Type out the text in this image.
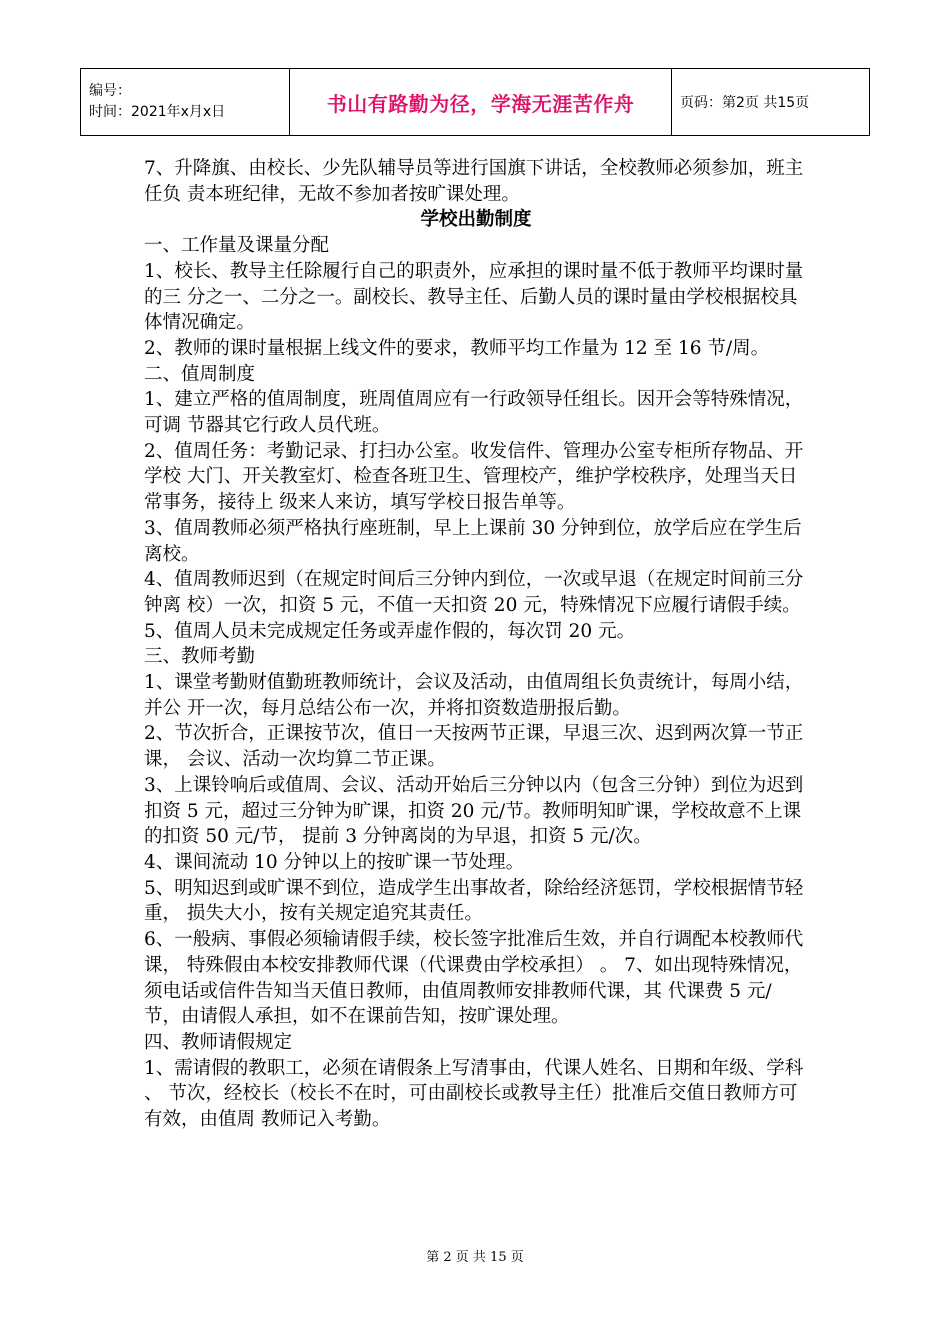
编号：
时间：2021年x月x日	书山有路勤为径，学海无涯苦作舟	页码：第2页 共15页

7、升降旗、由校长、少先队辅导员等进行国旗下讲话，全校教师必须参加，班主任负 责本班纪律，无故不参加者按旷课处理。

学校出勤制度

一、工作量及课量分配

1、校长、教导主任除履行自己的职责外，应承担的课时量不低于教师平均课时量的三 分之一、二分之一。副校长、教导主任、后勤人员的课时量由学校根据校具体情况确定。

2、教师的课时量根据上线文件的要求，教师平均工作量为 12 至 16 节/周。

二、值周制度

1、建立严格的值周制度，班周值周应有一行政领导任组长。因开会等特殊情况，可调 节器其它行政人员代班。

2、值周任务：考勤记录、打扫办公室。收发信件、管理办公室专柜所存物品、开学校 大门、开关教室灯、检查各班卫生、管理校产，维护学校秩序，处理当天日常事务，接待上 级来人来访，填写学校日报告单等。

3、值周教师必须严格执行座班制，早上上课前 30 分钟到位，放学后应在学生后离校。

4、值周教师迟到（在规定时间后三分钟内到位，一次或早退（在规定时间前三分钟离 校）一次，扣资 5 元，不值一天扣资 20 元，特殊情况下应履行请假手续。

5、值周人员未完成规定任务或弄虚作假的，每次罚 20 元。

三、教师考勤

1、课堂考勤财值勤班教师统计，会议及活动，由值周组长负责统计，每周小结，并公 开一次，每月总结公布一次，并将扣资数造册报后勤。

2、节次折合，正课按节次，值日一天按两节正课，早退三次、迟到两次算一节正课， 会议、活动一次均算二节正课。

3、上课铃响后或值周、会议、活动开始后三分钟以内（包含三分钟）到位为迟到扣资 5 元，超过三分钟为旷课，扣资 20 元/节。教师明知旷课，学校故意不上课的扣资 50 元/节， 提前 3 分钟离岗的为早退，扣资 5 元/次。

4、课间流动 10 分钟以上的按旷课一节处理。

5、明知迟到或旷课不到位，造成学生出事故者，除给经济惩罚，学校根据情节轻重， 损失大小，按有关规定追究其责任。

6、一般病、事假必须输请假手续，校长签字批准后生效，并自行调配本校教师代课， 特殊假由本校安排教师代课（代课费由学校承担） 。 7、如出现特殊情况，须电话或信件告知当天值日教师，由值周教师安排教师代课，其 代课费 5 元/节，由请假人承担，如不在课前告知，按旷课处理。

四、教师请假规定

1、需请假的教职工，必须在请假条上写清事由，代课人姓名、日期和年级、学科 、 节次，经校长（校长不在时，可由副校长或教导主任）批准后交值日教师方可有效，由值周 教师记入考勤。

第 2 页 共 15 页
